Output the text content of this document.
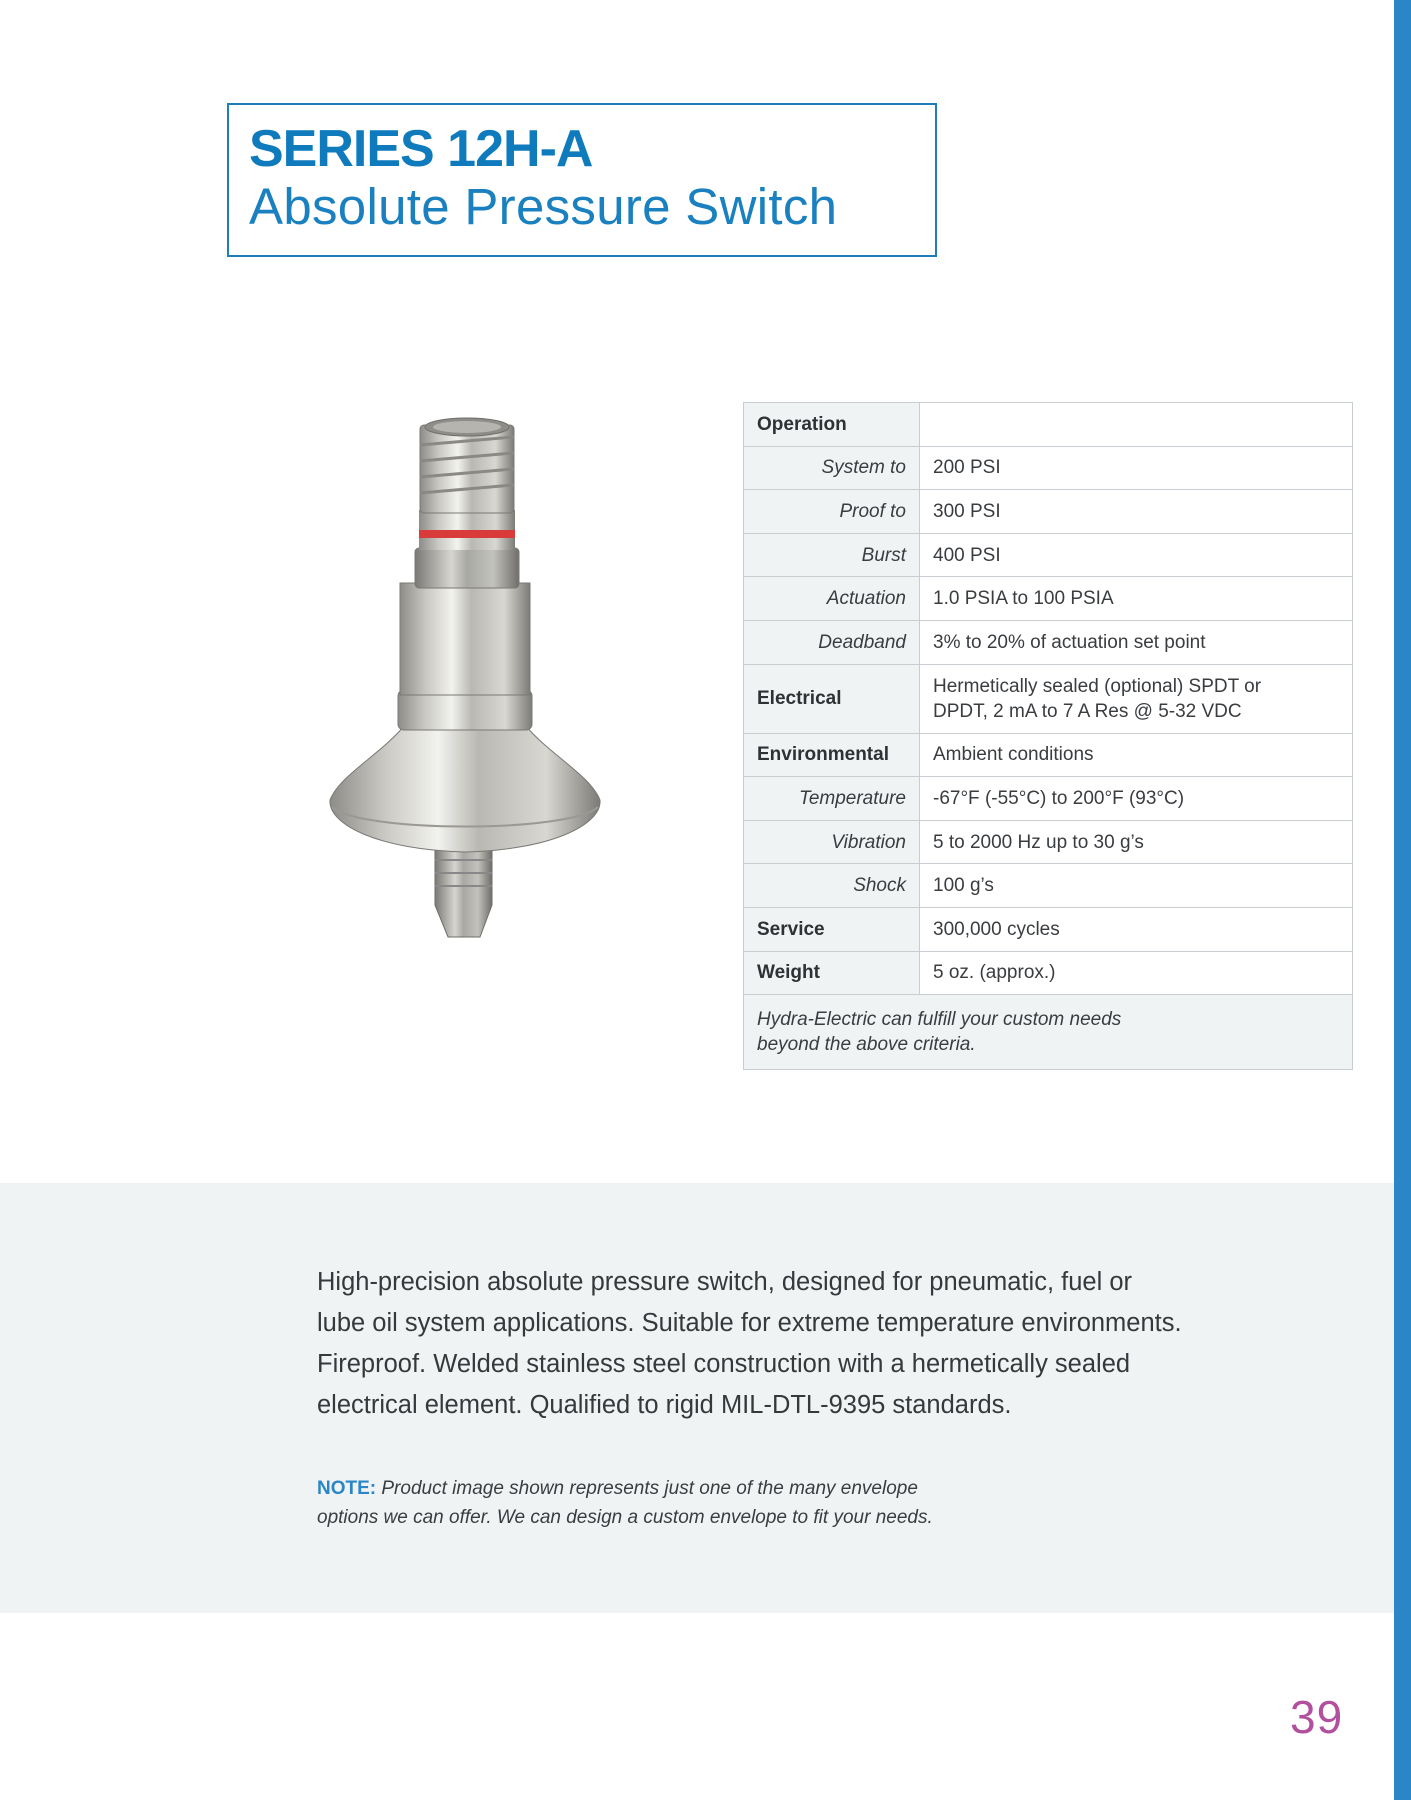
SERIES 12H-A
Absolute Pressure Switch
Operation	
System to	200 PSI
Proof to	300 PSI
Burst	400 PSI
Actuation	1.0 PSIA to 100 PSIA
Deadband	3% to 20% of actuation set point
Electrical	Hermetically sealed (optional) SPDT or
DPDT, 2 mA to 7 A Res @ 5-32 VDC

Environmental	Ambient conditions
Temperature	-67°F (-55°C) to 200°F (93°C)
Vibration	5 to 2000 Hz up to 30 g’s
Shock	100 g’s
Service	300,000 cycles
Weight	5 oz. (approx.)

Hydra-Electric can fulfill your custom needs
beyond the above criteria.	
High-precision absolute pressure switch, designed for pneumatic, fuel or
lube oil system applications. Suitable for extreme temperature environments.
Fireproof. Welded stainless steel construction with a hermetically sealed
electrical element. Qualified to rigid MIL-DTL-9395 standards.
NOTE: Product image shown represents just one of the many envelope
options we can offer. We can design a custom envelope to fit your needs.
39
